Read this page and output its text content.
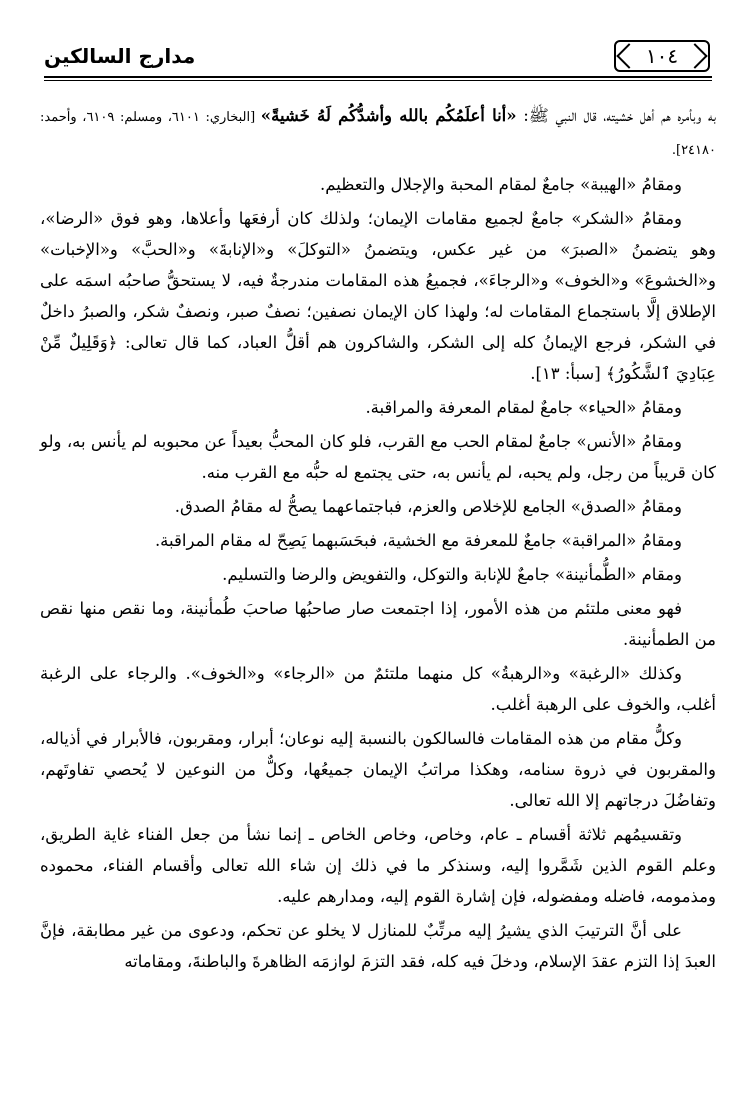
مدارج السالكين	١٠٤

به وبأمره هم أهل خشيته، قال النبي ﷺ: «أنا أعلَمُكُم بالله وأشدُّكُم لَهُ خَشيةً» [البخاري: ٦١٠١، ومسلم: ٦١٠٩، وأحمد: ٢٤١٨٠].

ومقامُ «الهيبة» جامعٌ لمقام المحبة والإجلال والتعظيم.

ومقامُ «الشكر» جامعٌ لجميع مقامات الإيمان؛ ولذلك كان أرفعَها وأعلاها، وهو فوق «الرضا»، وهو يتضمنُ «الصبرَ» من غير عكس، ويتضمنُ «التوكلَ» و«الإنابةَ» و«الحبَّ» و«الإخبات» و«الخشوعَ» و«الخوف» و«الرجاءَ»، فجميعُ هذه المقامات مندرجةٌ فيه، لا يستحقُّ صاحبُه اسمَه على الإطلاق إلَّا باستجماع المقامات له؛ ولهذا كان الإيمان نصفين؛ نصفٌ صبر، ونصفٌ شكر، والصبرُ داخلٌ في الشكر، فرجع الإيمانُ كله إلى الشكر، والشاكرون هم أقلُّ العباد، كما قال تعالى: ﴿وَقَلِيلٌ مِّنْ عِبَادِيَ ٱلشَّكُورُ﴾ [سبأ: ١٣].

ومقامُ «الحياء» جامعٌ لمقام المعرفة والمراقبة.

ومقامُ «الأنس» جامعٌ لمقام الحب مع القرب، فلو كان المحبُّ بعيداً عن محبوبه لم يأنس به، ولو كان قريباً من رجل، ولم يحبه، لم يأنس به، حتى يجتمع له حبُّه مع القرب منه.

ومقامُ «الصدق» الجامع للإخلاص والعزم، فباجتماعهما يصحُّ له مقامُ الصدق.

ومقامُ «المراقبة» جامعٌ للمعرفة مع الخشية، فبحَسَبهما يَصِحّ له مقام المراقبة.

ومقام «الطُّمأنينة» جامعٌ للإنابة والتوكل، والتفويض والرضا والتسليم.

فهو معنى ملتئم من هذه الأمور، إذا اجتمعت صار صاحبُها صاحبَ طُمأنينة، وما نقص منها نقص من الطمأنينة.

وكذلك «الرغبة» و«الرهبةُ» كل منهما ملتئمٌ من «الرجاء» و«الخوف». والرجاء على الرغبة أغلب، والخوف على الرهبة أغلب.

وكلُّ مقام من هذه المقامات فالسالكون بالنسبة إليه نوعان؛ أبرار، ومقربون، فالأبرار في أذياله، والمقربون في ذروة سنامه، وهكذا مراتبُ الإيمان جميعُها، وكلٌّ من النوعين لا يُحصي تفاوتَهم، وتفاضُلَ درجاتهم إلا الله تعالى.

وتقسيمُهم ثلاثة أقسام ـ عام، وخاص، وخاص الخاص ـ إنما نشأ من جعل الفناء غاية الطريق، وعلم القوم الذين شَمَّروا إليه، وسنذكر ما في ذلك إن شاء الله تعالى وأقسام الفناء، محموده ومذمومه، فاضله ومفضوله، فإن إشارة القوم إليه، ومدارهم عليه.

على أنَّ الترتيبَ الذي يشيرُ إليه مرتِّبٌ للمنازل لا يخلو عن تحكم، ودعوى من غير مطابقة، فإنَّ العبدَ إذا التزم عقدَ الإسلام، ودخلَ فيه كله، فقد التزمَ لوازمَه الظاهرةَ والباطنةَ، ومقاماته
